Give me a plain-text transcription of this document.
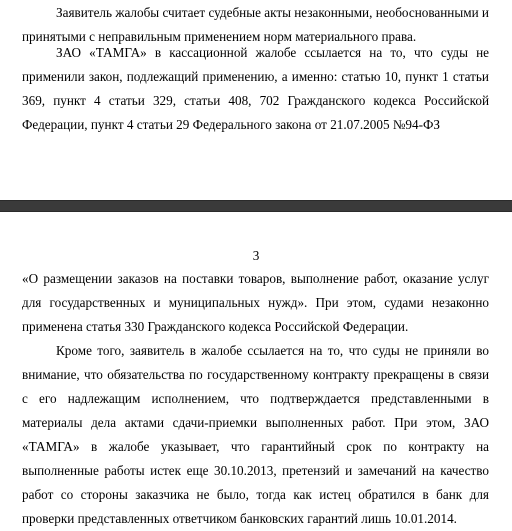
Заявитель жалобы считает судебные акты незаконными, необоснованными и принятыми с неправильным применением норм материального права.

ЗАО «ТАМГА» в кассационной жалобе ссылается на то, что суды не применили закон, подлежащий применению, а именно: статью 10, пункт 1 статьи 369, пункт 4 статьи 329, статьи 408, 702 Гражданского кодекса Российской Федерации, пункт 4 статьи 29 Федерального закона от 21.07.2005 №94-ФЗ

3

«О размещении заказов на поставки товаров, выполнение работ, оказание услуг для государственных и муниципальных нужд». При этом, судами незаконно применена статья 330 Гражданского кодекса Российской Федерации.

Кроме того, заявитель в жалобе ссылается на то, что суды не приняли во внимание, что обязательства по государственному контракту прекращены в связи с его надлежащим исполнением, что подтверждается представленными в материалы дела актами сдачи-приемки выполненных работ. При этом, ЗАО «ТАМГА» в жалобе указывает, что гарантийный срок по контракту на выполненные работы истек еще 30.10.2013, претензий и замечаний на качество работ со стороны заказчика не было, тогда как истец обратился в банк для проверки представленных ответчиком банковских гарантий лишь 10.01.2014.
